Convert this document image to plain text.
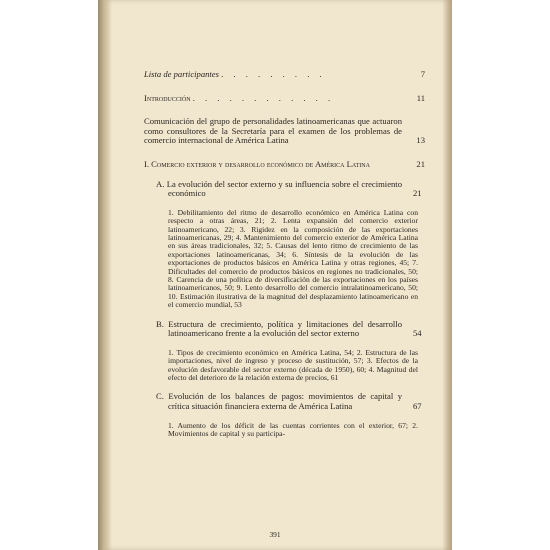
Lista de participantes . . . . . . . . .	7
Introducción . . . . . . . . . . . .	11
Comunicación del grupo de personalidades latinoamericanas que actuaron como consultores de la Secretaría para el examen de los problemas de comercio internacional de América Latina	13
I. Comercio exterior y desarrollo económico de América Latina	21
A. La evolución del sector externo y su influencia sobre el crecimiento económico	21
1. Debilitamiento del ritmo de desarrollo económico en América Latina con respecto a otras áreas, 21; 2. Lenta expansión del comercio exterior latinoamericano, 22; 3. Rigidez en la composición de las exportaciones latinoamericanas, 29; 4. Mantenimiento del comercio exterior de América Latina en sus áreas tradicionales, 32; 5. Causas del lento ritmo de crecimiento de las exportaciones latinoamericanas, 34; 6. Síntesis de la evolución de las exportaciones de productos básicos en América Latina y otras regiones, 45; 7. Dificultades del comercio de productos básicos en regiones no tradicionales, 50; 8. Carencia de una política de diversificación de las exportaciones en los países latinoamericanos, 50; 9. Lento desarrollo del comercio intralatinoamericano, 50; 10. Estimación ilustrativa de la magnitud del desplazamiento latinoamericano en el comercio mundial, 53
B. Estructura de crecimiento, política y limitaciones del desarrollo latinoamericano frente a la evolución del sector externo	54
1. Tipos de crecimiento económico en América Latina, 54; 2. Estructura de las importaciones, nivel de ingreso y proceso de sustitución, 57; 3. Efectos de la evolución desfavorable del sector externo (década de 1950), 60; 4. Magnitud del efecto del deterioro de la relación externa de precios, 61
C. Evolución de los balances de pagos: movimientos de capital y crítica situación financiera externa de América Latina	67
1. Aumento de los déficit de las cuentas corrientes con el exterior, 67; 2. Movimientos de capital y su participa-
391
